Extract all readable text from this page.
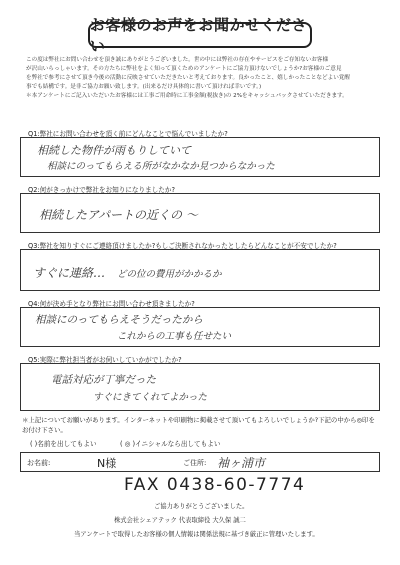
お客様のお声をお聞かせください
この度は弊社にお問い合わせを頂き誠にありがとうございました。世の中には弊社の存在やサービスをご存知ないお客様
が沢山いらっしゃいます。その方たちに弊社をよく知って頂くためのアンケートにご協力頂けないでしょうか?お客様のご意見
を弊社で参考にさせて頂き今後の活動に反映させていただきたいと考えております。良かったこと、嬉しかったことなどよい覚醒
事でも結構です。是非ご協力お願い致します。(出来るだけ具体的に書いて頂ければ幸いです。)
＊本アンケートにご記入いただいたお客様には工事ご用命時に工事金額(税抜き)の 2%をキャッシュバックさせていただきます。
Q1:弊社にお問い合わせを頂く前にどんなことで悩んでいましたか?
相続した物件が雨もりしていて
相談にのってもらえる所がなかなか見つからなかった
Q2:何がきっかけで弊社をお知りになりましたか?
相続したアパートの近くの ～
Q3:弊社を知りすぐにご連絡頂けましたか?もしご決断されなかったとしたらどんなことが不安でしたか?
すぐに連絡… どの位の費用がかかるか
Q4:何が決め手となり弊社にお問い合わせ頂きましたか?
相談にのってもらえそうだったから
これからの工事も任せたい
Q5:実際に弊社担当者がお伺いしていかがでしたか?
電話対応が丁寧だった
すぐにきてくれてよかった
＊上記についてお願いがあります。インターネットや印刷物に掲載させて頂いてもよろしいでしょうか?下記の中から◎印を
お付け下さい。
( )名前を出してもよい	( ◎ )イニシャルなら出してもよい
お名前:	N様	ご住所: 袖ヶ浦市
FAX 0438-60-7774
ご協力ありがとうございました。
株式会社シェアテック 代表取締役 大久保 誠二
当アンケートで取得したお客様の個人情報は関係法規に基づき厳正に管理いたします。
